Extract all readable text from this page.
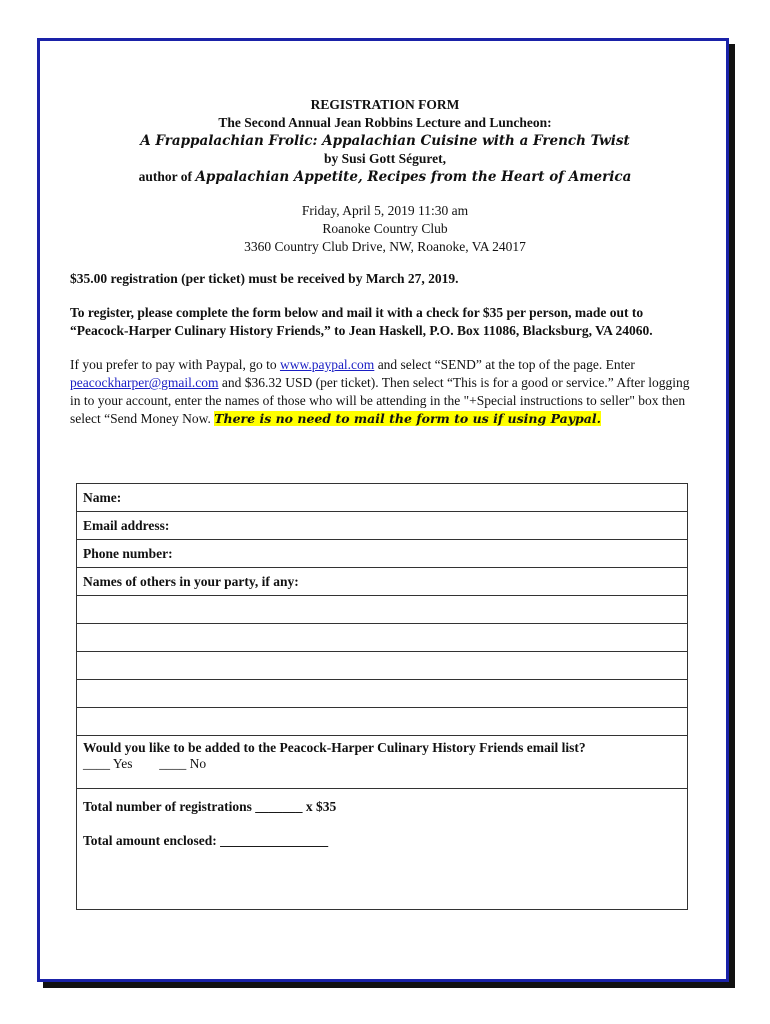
REGISTRATION FORM
The Second Annual Jean Robbins Lecture and Luncheon:
A Frappalachian Frolic: Appalachian Cuisine with a French Twist
by Susi Gott Séguret,
author of Appalachian Appetite, Recipes from the Heart of America
Friday, April 5, 2019 11:30 am
Roanoke Country Club
3360 Country Club Drive, NW, Roanoke, VA 24017
$35.00 registration (per ticket) must be received by March 27, 2019.
To register, please complete the form below and mail it with a check for $35 per person, made out to “Peacock-Harper Culinary History Friends,” to Jean Haskell, P.O. Box 11086, Blacksburg, VA 24060.
If you prefer to pay with Paypal, go to www.paypal.com and select “SEND” at the top of the page. Enter peacockharper@gmail.com and $36.32 USD (per ticket). Then select “This is for a good or service.” After logging in to your account, enter the names of those who will be attending in the "+Special instructions to seller" box then select “Send Money Now. There is no need to mail the form to us if using Paypal.
Name:
Email address:
Phone number:
Names of others in your party, if any:

Would you like to be added to the Peacock-Harper Culinary History Friends email list?
____ Yes ____ No

Total number of registrations _______ x $35
Total amount enclosed: ________________
